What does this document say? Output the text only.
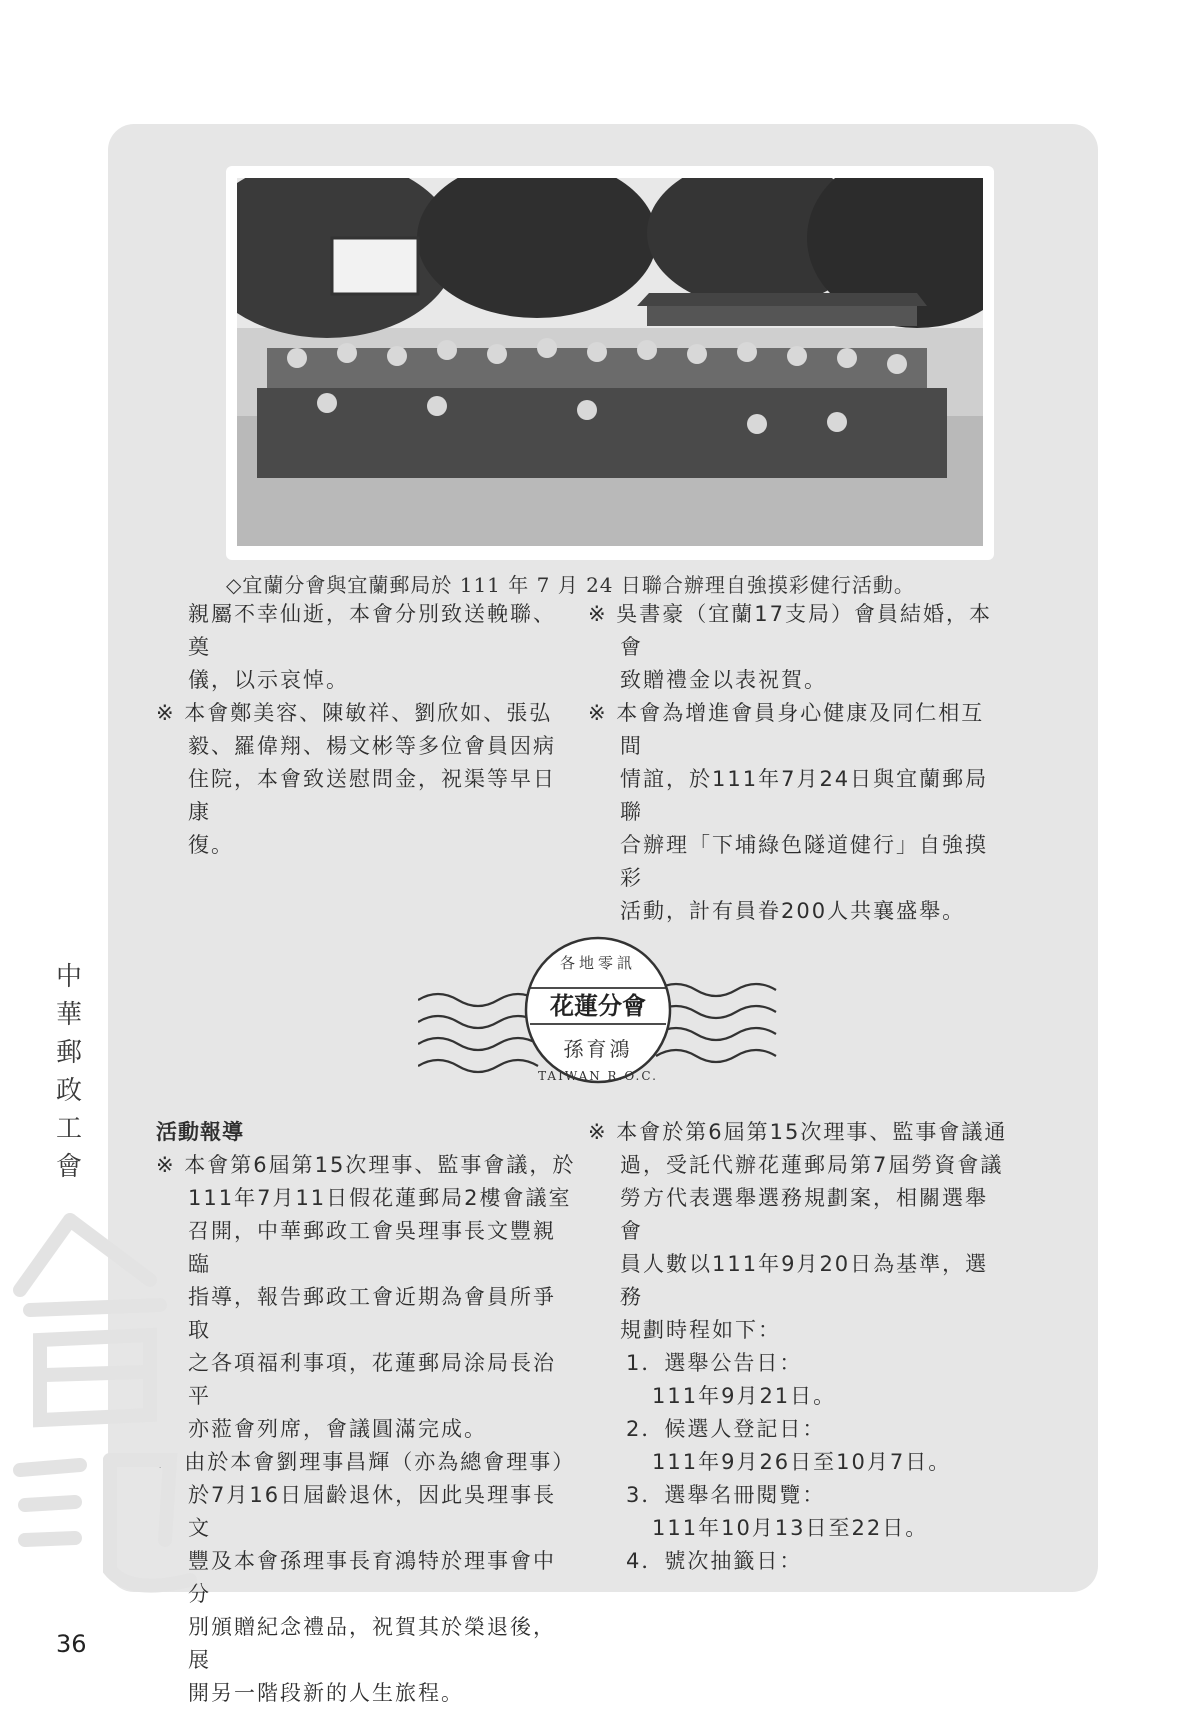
◇宜蘭分會與宜蘭郵局於 111 年 7 月 24 日聯合辦理自強摸彩健行活動。

親屬不幸仙逝，本會分別致送輓聯、奠

儀，以示哀悼。

※ 本會鄭美容、陳敏祥、劉欣如、張弘

毅、羅偉翔、楊文彬等多位會員因病

住院，本會致送慰問金，祝渠等早日康

復。

※ 吳書豪（宜蘭17支局）會員結婚，本會

致贈禮金以表祝賀。

※ 本會為增進會員身心健康及同仁相互間

情誼，於111年7月24日與宜蘭郵局聯

合辦理「下埔綠色隧道健行」自強摸彩

活動，計有員眷200人共襄盛舉。

各地零訊
花蓮分會
孫育鴻
TAIWAN R.O.C.

活動報導

※ 本會第6屆第15次理事、監事會議，於

111年7月11日假花蓮郵局2樓會議室

召開，中華郵政工會吳理事長文豐親臨

指導，報告郵政工會近期為會員所爭取

之各項福利事項，花蓮郵局涂局長治平

亦蒞會列席，會議圓滿完成。

※ 由於本會劉理事昌輝（亦為總會理事）

於7月16日屆齡退休，因此吳理事長文

豐及本會孫理事長育鴻特於理事會中分

別頒贈紀念禮品，祝賀其於榮退後，展

開另一階段新的人生旅程。

※ 本會於第6屆第15次理事、監事會議通

過，受託代辦花蓮郵局第7屆勞資會議

勞方代表選舉選務規劃案，相關選舉會

員人數以111年9月20日為基準，選務

規劃時程如下：

1．選舉公告日：

111年9月21日。

2．候選人登記日：

111年9月26日至10月7日。

3．選舉名冊閱覽：

111年10月13日至22日。

4．號次抽籤日：

中
華
郵
政
工
會
36
